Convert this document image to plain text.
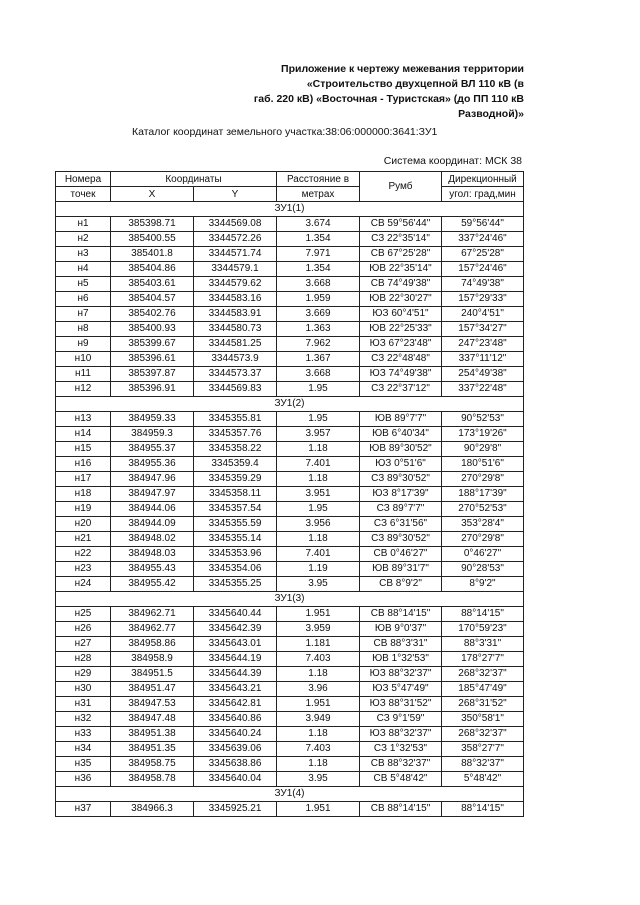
Приложение к чертежу межевания территории
«Строительство двухцепной ВЛ 110 кВ (в
габ. 220 кВ) «Восточная - Туристская» (до ПП 110 кВ
Разводной)»
Каталог координат земельного участка:38:06:000000:3641:ЗУ1
Система координат: МСК 38
Номера	Координаты		Расстояние в	Румб	Дирекционный
точек	X	Y	метрах		угол: град,мин
ЗУ1(1)					
н1	385398.71	3344569.08	3.674	СВ 59°56'44"	59°56'44"
н2	385400.55	3344572.26	1.354	СЗ 22°35'14"	337°24'46"
н3	385401.8	3344571.74	7.971	СВ 67°25'28"	67°25'28"
н4	385404.86	3344579.1	1.354	ЮВ 22°35'14"	157°24'46"
н5	385403.61	3344579.62	3.668	СВ 74°49'38"	74°49'38"
н6	385404.57	3344583.16	1.959	ЮВ 22°30'27"	157°29'33"
н7	385402.76	3344583.91	3.669	ЮЗ 60°4'51"	240°4'51"
н8	385400.93	3344580.73	1.363	ЮВ 22°25'33"	157°34'27"
н9	385399.67	3344581.25	7.962	ЮЗ 67°23'48"	247°23'48"
н10	385396.61	3344573.9	1.367	СЗ 22°48'48"	337°11'12"
н11	385397.87	3344573.37	3.668	ЮЗ 74°49'38"	254°49'38"
н12	385396.91	3344569.83	1.95	СЗ 22°37'12"	337°22'48"
ЗУ1(2)					
н13	384959.33	3345355.81	1.95	ЮВ 89°7'7"	90°52'53"
н14	384959.3	3345357.76	3.957	ЮВ 6°40'34"	173°19'26"
н15	384955.37	3345358.22	1.18	ЮВ 89°30'52"	90°29'8"
н16	384955.36	3345359.4	7.401	ЮЗ 0°51'6"	180°51'6"
н17	384947.96	3345359.29	1.18	СЗ 89°30'52"	270°29'8"
н18	384947.97	3345358.11	3.951	ЮЗ 8°17'39"	188°17'39"
н19	384944.06	3345357.54	1.95	СЗ 89°7'7"	270°52'53"
н20	384944.09	3345355.59	3.956	СЗ 6°31'56"	353°28'4"
н21	384948.02	3345355.14	1.18	СЗ 89°30'52"	270°29'8"
н22	384948.03	3345353.96	7.401	СВ 0°46'27"	0°46'27"
н23	384955.43	3345354.06	1.19	ЮВ 89°31'7"	90°28'53"
н24	384955.42	3345355.25	3.95	СВ 8°9'2"	8°9'2"
ЗУ1(3)					
н25	384962.71	3345640.44	1.951	СВ 88°14'15"	88°14'15"
н26	384962.77	3345642.39	3.959	ЮВ 9°0'37"	170°59'23"
н27	384958.86	3345643.01	1.181	СВ 88°3'31"	88°3'31"
н28	384958.9	3345644.19	7.403	ЮВ 1°32'53"	178°27'7"
н29	384951.5	3345644.39	1.18	ЮЗ 88°32'37"	268°32'37"
н30	384951.47	3345643.21	3.96	ЮЗ 5°47'49"	185°47'49"
н31	384947.53	3345642.81	1.951	ЮЗ 88°31'52"	268°31'52"
н32	384947.48	3345640.86	3.949	СЗ 9°1'59"	350°58'1"
н33	384951.38	3345640.24	1.18	ЮЗ 88°32'37"	268°32'37"
н34	384951.35	3345639.06	7.403	СЗ 1°32'53"	358°27'7"
н35	384958.75	3345638.86	1.18	СВ 88°32'37"	88°32'37"
н36	384958.78	3345640.04	3.95	СВ 5°48'42"	5°48'42"
ЗУ1(4)					
н37	384966.3	3345925.21	1.951	СВ 88°14'15"	88°14'15"
